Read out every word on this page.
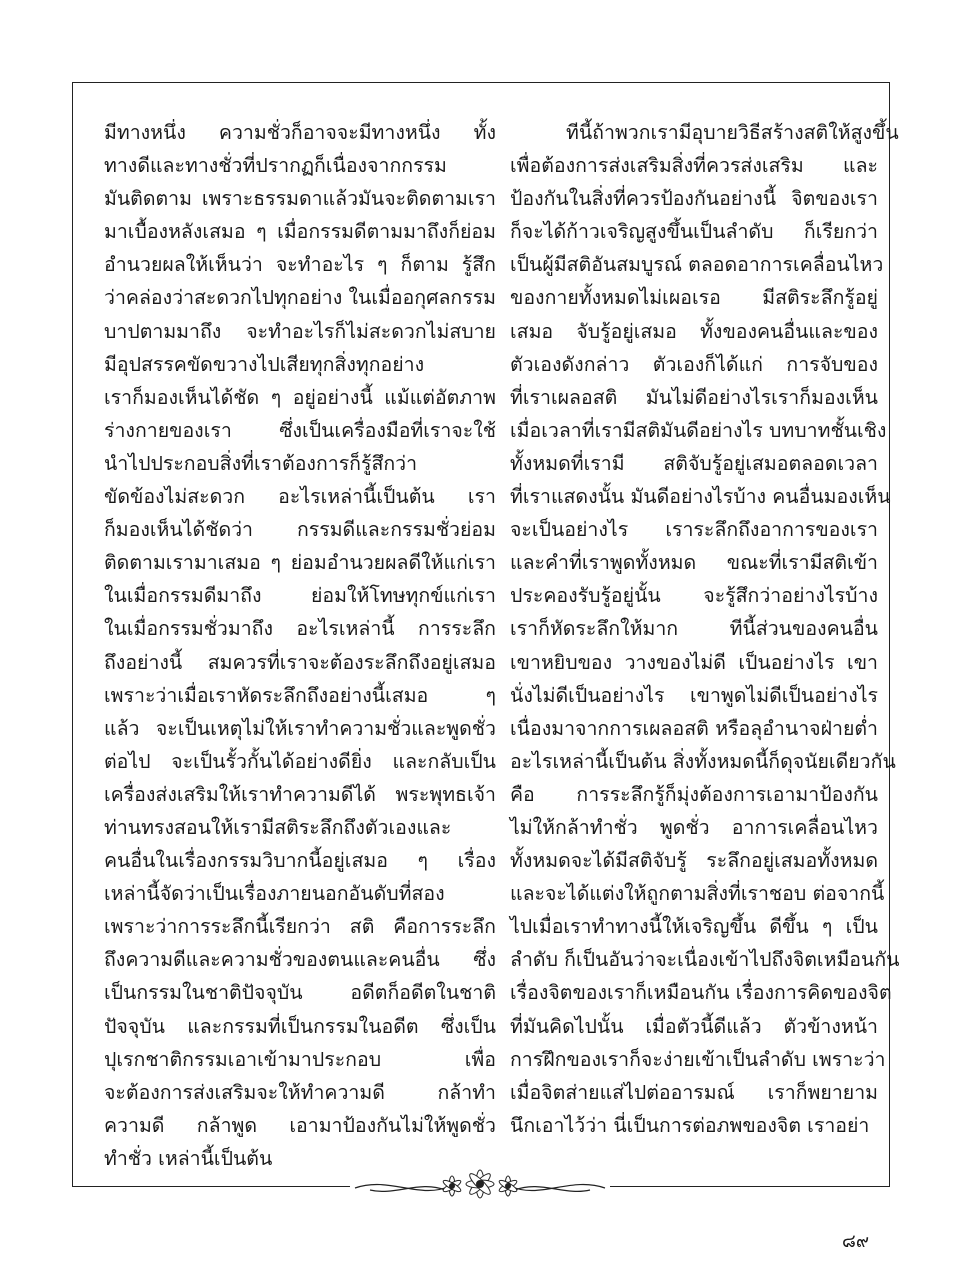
มีทางหนึ่ง ความชั่วก็อาจจะมีทางหนึ่ง ทั้ง
ทางดีและทางชั่วที่ปรากฏก็เนื่องจากกรรม
มันติดตาม เพราะธรรมดาแล้วมันจะติดตามเรา
มาเบื้องหลังเสมอ ๆ เมื่อกรรมดีตามมาถึงก็ย่อม
อำนวยผลให้เห็นว่า จะทำอะไร ๆ ก็ตาม รู้สึก
ว่าคล่องว่าสะดวกไปทุกอย่าง ในเมื่ออกุศลกรรม
บาปตามมาถึง จะทำอะไรก็ไม่สะดวกไม่สบาย
มีอุปสรรคขัดขวางไปเสียทุกสิ่งทุกอย่าง
เราก็มองเห็นได้ชัด ๆ อยู่อย่างนี้ แม้แต่อัตภาพ
ร่างกายของเรา ซึ่งเป็นเครื่องมือที่เราจะใช้
นำไปประกอบสิ่งที่เราต้องการก็รู้สึกว่า
ขัดข้องไม่สะดวก อะไรเหล่านี้เป็นต้น เรา
ก็มองเห็นได้ชัดว่า กรรมดีและกรรมชั่วย่อม
ติดตามเรามาเสมอ ๆ ย่อมอำนวยผลดีให้แก่เรา
ในเมื่อกรรมดีมาถึง ย่อมให้โทษทุกข์แก่เรา
ในเมื่อกรรมชั่วมาถึง อะไรเหล่านี้ การระลึก
ถึงอย่างนี้ สมควรที่เราจะต้องระลึกถึงอยู่เสมอ
เพราะว่าเมื่อเราหัดระลึกถึงอย่างนี้เสมอ ๆ
แล้ว จะเป็นเหตุไม่ให้เราทำความชั่วและพูดชั่ว
ต่อไป จะเป็นรั้วกั้นได้อย่างดียิ่ง และกลับเป็น
เครื่องส่งเสริมให้เราทำความดีได้ พระพุทธเจ้า
ท่านทรงสอนให้เรามีสติระลึกถึงตัวเองและ
คนอื่นในเรื่องกรรมวิบากนี้อยู่เสมอ ๆ เรื่อง
เหล่านี้จัดว่าเป็นเรื่องภายนอกอันดับที่สอง
เพราะว่าการระลึกนี้เรียกว่า สติ คือการระลึก
ถึงความดีและความชั่วของตนและคนอื่น ซึ่ง
เป็นกรรมในชาติปัจจุบัน อดีตก็อดีตในชาติ
ปัจจุบัน และกรรมที่เป็นกรรมในอดีต ซึ่งเป็น
ปุเรกชาติกรรมเอาเข้ามาประกอบ เพื่อ
จะต้องการส่งเสริมจะให้ทำความดี กล้าทำ
ความดี กล้าพูด เอามาป้องกันไม่ให้พูดชั่ว
ทำชั่ว เหล่านี้เป็นต้น
ทีนี้ถ้าพวกเรามีอุบายวิธีสร้างสติให้สูงขึ้น
เพื่อต้องการส่งเสริมสิ่งที่ควรส่งเสริม และ
ป้องกันในสิ่งที่ควรป้องกันอย่างนี้ จิตของเรา
ก็จะได้ก้าวเจริญสูงขึ้นเป็นลำดับ ก็เรียกว่า
เป็นผู้มีสติอันสมบูรณ์ ตลอดอาการเคลื่อนไหว
ของกายทั้งหมดไม่เผอเรอ มีสติระลึกรู้อยู่
เสมอ จับรู้อยู่เสมอ ทั้งของคนอื่นและของ
ตัวเองดังกล่าว ตัวเองก็ได้แก่ การจับของ
ที่เราเผลอสติ มันไม่ดีอย่างไรเราก็มองเห็น
เมื่อเวลาที่เรามีสติมันดีอย่างไร บทบาทชั้นเชิง
ทั้งหมดที่เรามี สติจับรู้อยู่เสมอตลอดเวลา
ที่เราแสดงนั้น มันดีอย่างไรบ้าง คนอื่นมองเห็น
จะเป็นอย่างไร เราระลึกถึงอาการของเรา
และคำที่เราพูดทั้งหมด ขณะที่เรามีสติเข้า
ประคองรับรู้อยู่นั้น จะรู้สึกว่าอย่างไรบ้าง
เราก็หัดระลึกให้มาก ทีนี้ส่วนของคนอื่น
เขาหยิบของ วางของไม่ดี เป็นอย่างไร เขา
นั่งไม่ดีเป็นอย่างไร เขาพูดไม่ดีเป็นอย่างไร
เนื่องมาจากการเผลอสติ หรือลุอำนาจฝ่ายต่ำ
อะไรเหล่านี้เป็นต้น สิ่งทั้งหมดนี้ก็ดุจนัยเดียวกัน
คือ การระลึกรู้ก็มุ่งต้องการเอามาป้องกัน
ไม่ให้กล้าทำชั่ว พูดชั่ว อาการเคลื่อนไหว
ทั้งหมดจะได้มีสติจับรู้ ระลึกอยู่เสมอทั้งหมด
และจะได้แต่งให้ถูกตามสิ่งที่เราชอบ ต่อจากนี้
ไปเมื่อเราทำทางนี้ให้เจริญขึ้น ดีขึ้น ๆ เป็น
ลำดับ ก็เป็นอันว่าจะเนื่องเข้าไปถึงจิตเหมือนกัน
เรื่องจิตของเราก็เหมือนกัน เรื่องการคิดของจิต
ที่มันคิดไปนั้น เมื่อตัวนี้ดีแล้ว ตัวข้างหน้า
การฝึกของเราก็จะง่ายเข้าเป็นลำดับ เพราะว่า
เมื่อจิตส่ายแส่ไปต่ออารมณ์ เราก็พยายาม
นึกเอาไว้ว่า นี่เป็นการต่อภพของจิต เราอย่า
๘๙
